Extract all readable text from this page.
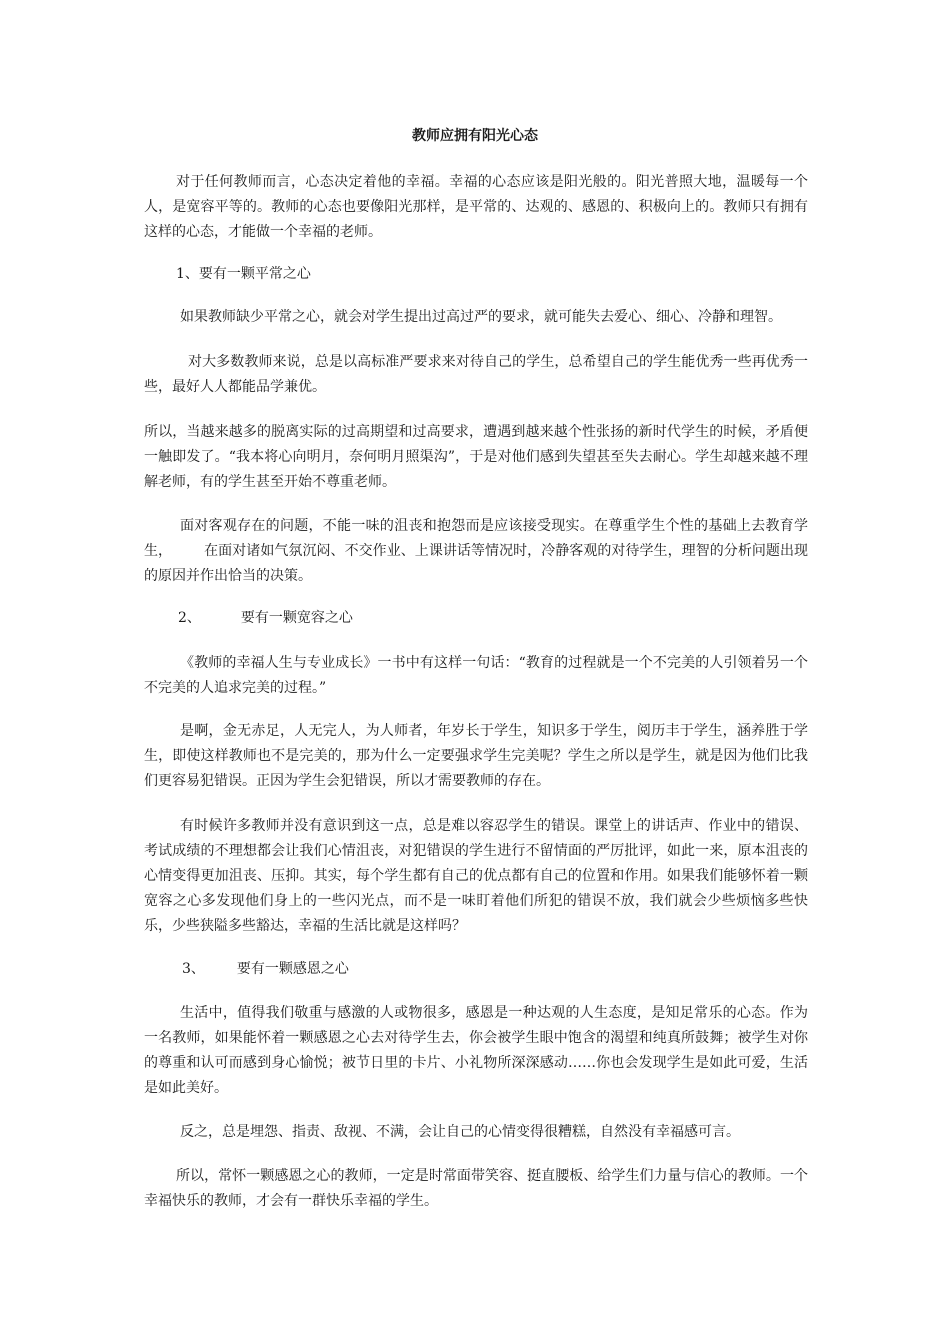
教师应拥有阳光心态
对于任何教师而言，心态决定着他的幸福。幸福的心态应该是阳光般的。阳光普照大地，温暖每一个人，是宽容平等的。教师的心态也要像阳光那样，是平常的、达观的、感恩的、积极向上的。教师只有拥有这样的心态，才能做一个幸福的老师。
1、要有一颗平常之心
如果教师缺少平常之心，就会对学生提出过高过严的要求，就可能失去爱心、细心、冷静和理智。
对大多数教师来说，总是以高标准严要求来对待自己的学生，总希望自己的学生能优秀一些再优秀一些，最好人人都能品学兼优。
所以，当越来越多的脱离实际的过高期望和过高要求，遭遇到越来越个性张扬的新时代学生的时候，矛盾便一触即发了。“我本将心向明月，奈何明月照渠沟”，于是对他们感到失望甚至失去耐心。学生却越来越不理解老师，有的学生甚至开始不尊重老师。
面对客观存在的问题，不能一味的沮丧和抱怨而是应该接受现实。在尊重学生个性的基础上去教育学生， 在面对诸如气氛沉闷、不交作业、上课讲话等情况时，冷静客观的对待学生，理智的分析问题出现的原因并作出恰当的决策。
2、	要有一颗宽容之心
《教师的幸福人生与专业成长》一书中有这样一句话：“教育的过程就是一个不完美的人引领着另一个不完美的人追求完美的过程。”
是啊，金无赤足，人无完人，为人师者，年岁长于学生，知识多于学生，阅历丰于学生，涵养胜于学生，即使这样教师也不是完美的，那为什么一定要强求学生完美呢？学生之所以是学生，就是因为他们比我们更容易犯错误。正因为学生会犯错误，所以才需要教师的存在。
有时候许多教师并没有意识到这一点，总是难以容忍学生的错误。课堂上的讲话声、作业中的错误、考试成绩的不理想都会让我们心情沮丧，对犯错误的学生进行不留情面的严厉批评，如此一来，原本沮丧的心情变得更加沮丧、压抑。其实，每个学生都有自己的优点都有自己的位置和作用。如果我们能够怀着一颗宽容之心多发现他们身上的一些闪光点，而不是一味盯着他们所犯的错误不放，我们就会少些烦恼多些快乐，少些狭隘多些豁达，幸福的生活比就是这样吗？
3、 要有一颗感恩之心
生活中，值得我们敬重与感激的人或物很多，感恩是一种达观的人生态度，是知足常乐的心态。作为一名教师，如果能怀着一颗感恩之心去对待学生去，你会被学生眼中饱含的渴望和纯真所鼓舞；被学生对你的尊重和认可而感到身心愉悦；被节日里的卡片、小礼物所深深感动……你也会发现学生是如此可爱，生活是如此美好。
反之，总是埋怨、指责、敌视、不满，会让自己的心情变得很糟糕，自然没有幸福感可言。
所以，常怀一颗感恩之心的教师，一定是时常面带笑容、挺直腰板、给学生们力量与信心的教师。一个幸福快乐的教师，才会有一群快乐幸福的学生。
